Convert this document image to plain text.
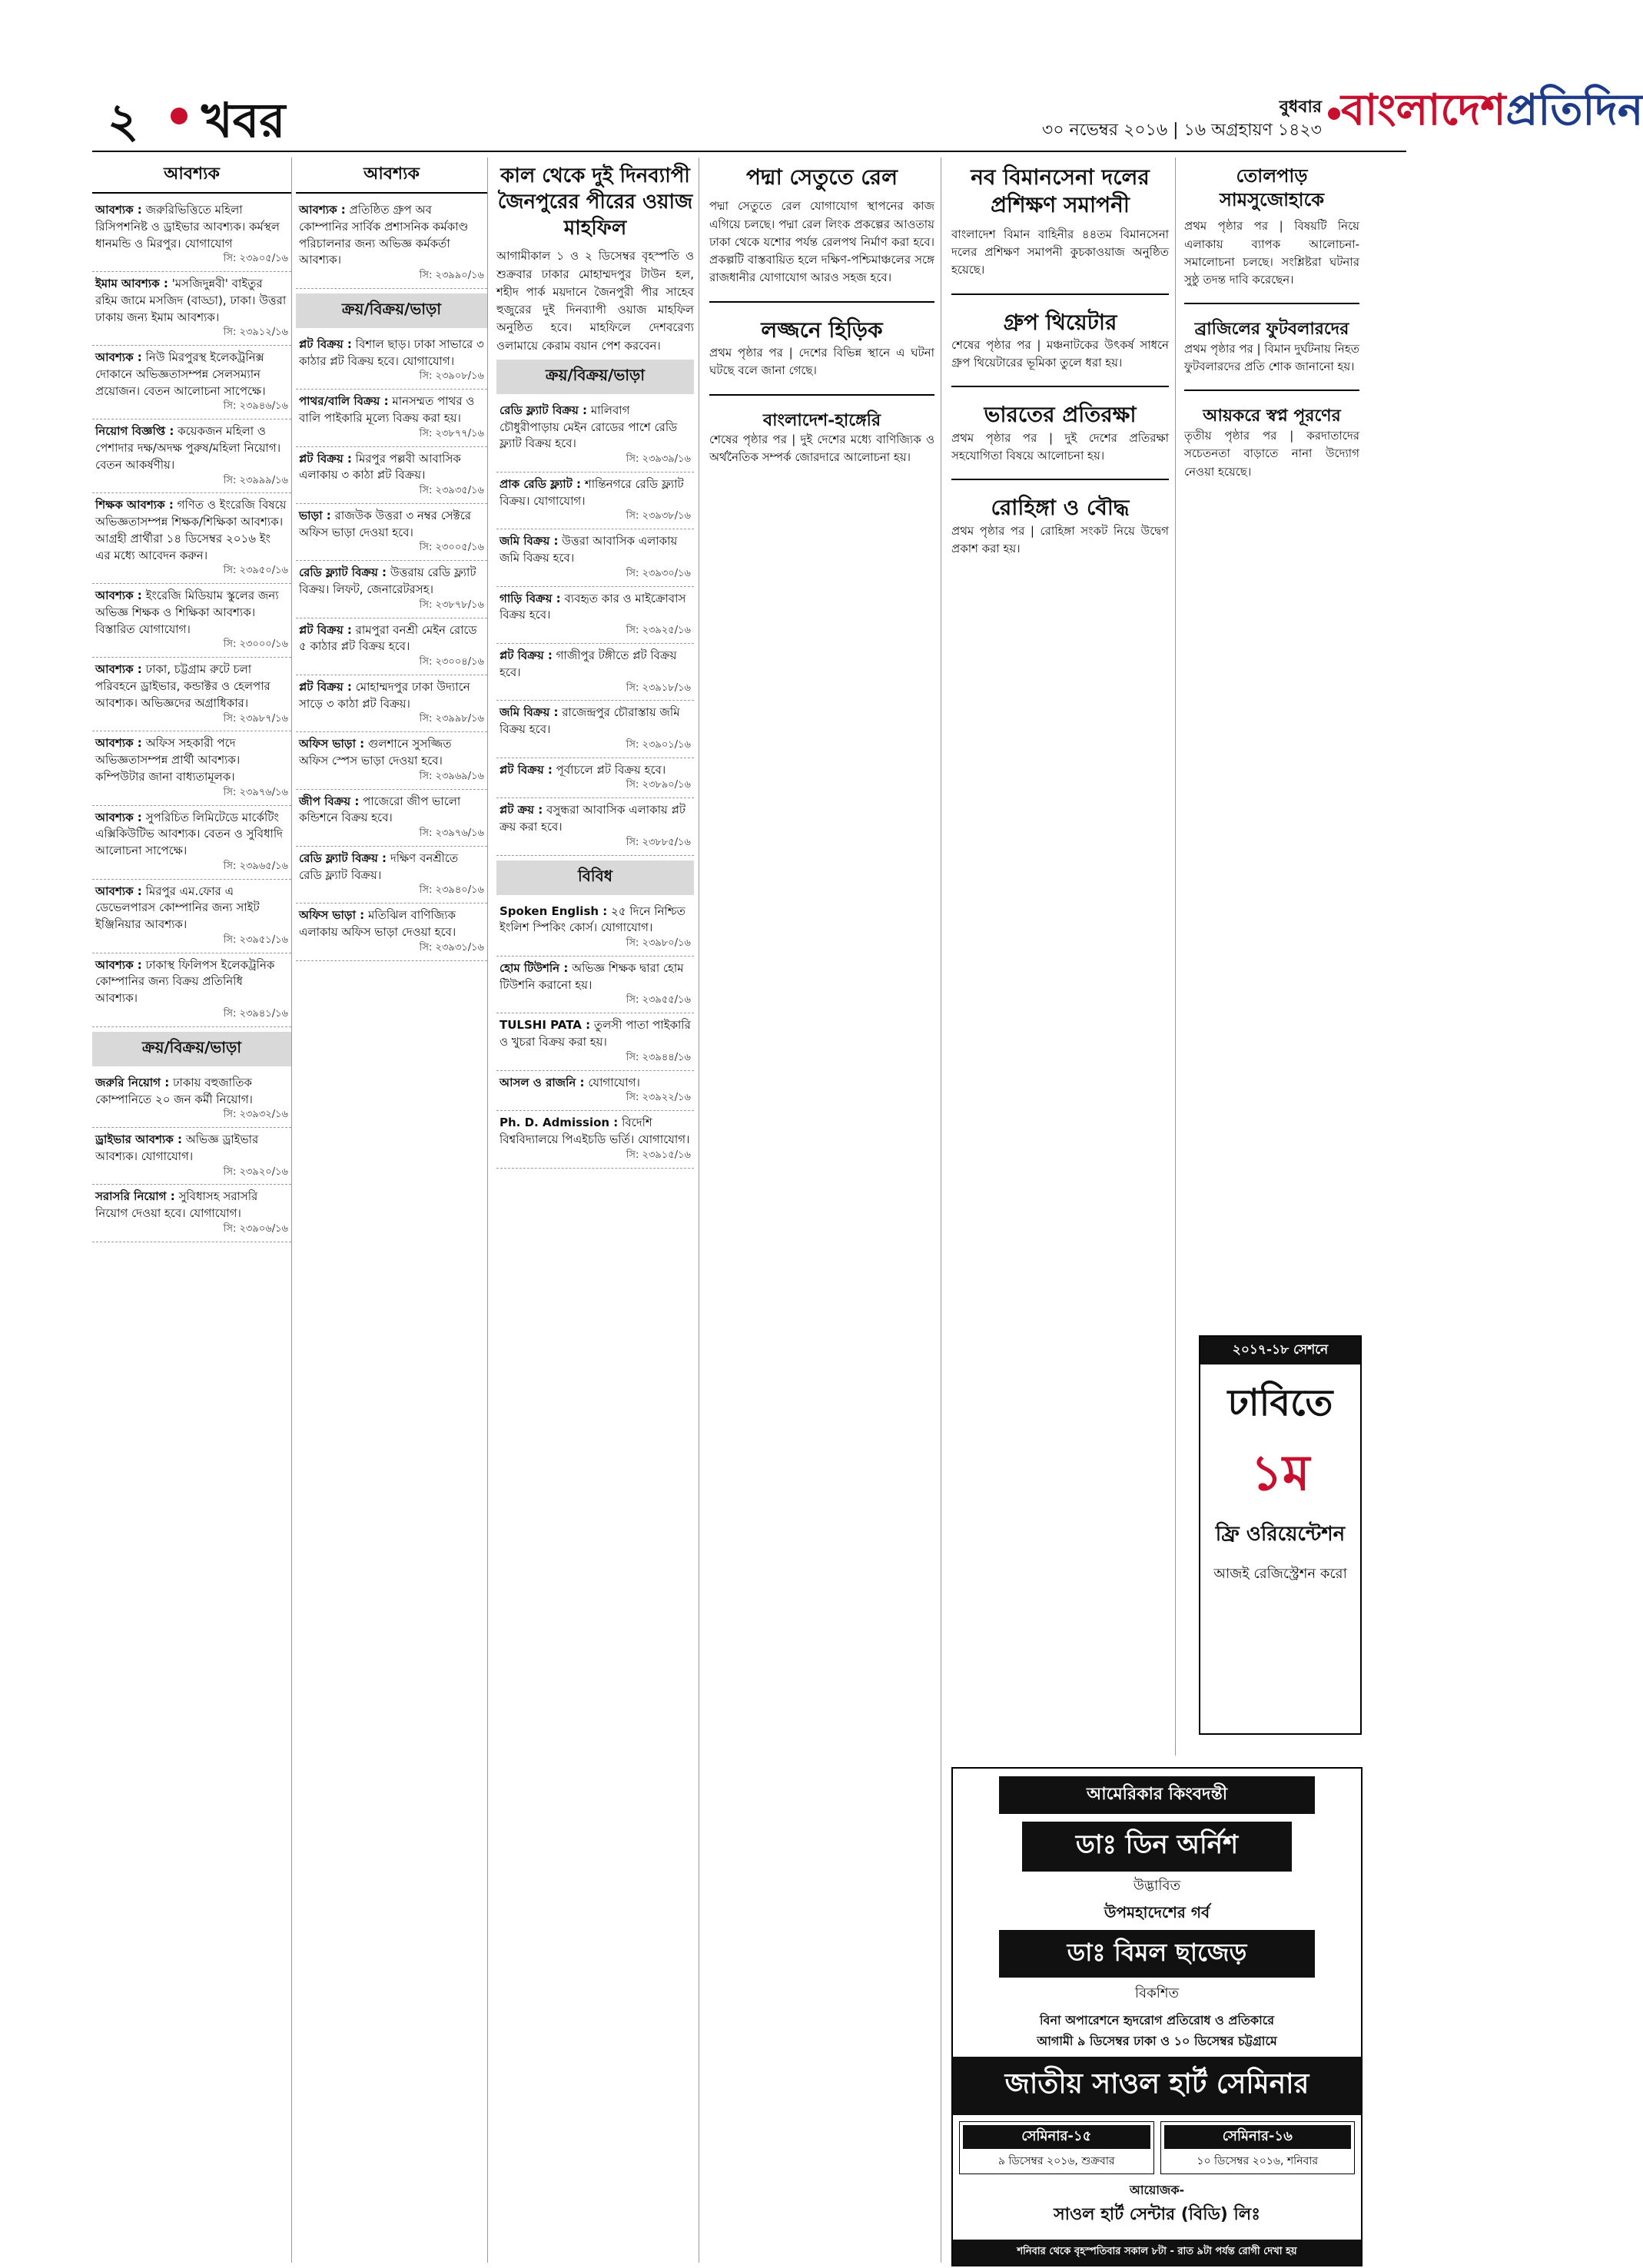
২ খবর	বুধবার
৩০ নভেম্বর ২০১৬ | ১৬ অগ্রহায়ণ ১৪২৩ বাংলাদেশপ্রতিদিন
আবশ্যক
আবশ্যক : জরুরিভিত্তিতে মহিলা রিসিপশনিষ্ট ও ড্রাইভার আবশ্যক। কর্মস্থল ধানমন্ডি ও মিরপুর। যোগাযোগ
সি: ২৩৯০৫/১৬
ইমাম আবশ্যক : 'মসজিদুন্নবী' বাইতুর রহিম জামে মসজিদ (বাড্ডা), ঢাকা। উত্তরা ঢাকায় জন্য ইমাম আবশ্যক।
সি: ২৩৯১২/১৬
আবশ্যক : নিউ মিরপুরস্থ ইলেকট্রনিক্স দোকানে অভিজ্ঞতাসম্পন্ন সেলসম্যান প্রয়োজন। বেতন আলোচনা সাপেক্ষে।
সি: ২৩৯৪৬/১৬
নিয়োগ বিজ্ঞপ্তি : কয়েকজন মহিলা ও পেশাদার দক্ষ/অদক্ষ পুরুষ/মহিলা নিয়োগ। বেতন আকর্ষণীয়।
সি: ২৩৯৯৯/১৬
শিক্ষক আবশ্যক : গণিত ও ইংরেজি বিষয়ে অভিজ্ঞতাসম্পন্ন শিক্ষক/শিক্ষিকা আবশ্যক। আগ্রহী প্রার্থীরা ১৪ ডিসেম্বর ২০১৬ ইং এর মধ্যে আবেদন করুন।
সি: ২৩৯৫০/১৬
আবশ্যক : ইংরেজি মিডিয়াম স্কুলের জন্য অভিজ্ঞ শিক্ষক ও শিক্ষিকা আবশ্যক। বিস্তারিত যোগাযোগ।
সি: ২৩০০০/১৬
আবশ্যক : ঢাকা, চট্টগ্রাম রুটে চলা পরিবহনে ড্রাইভার, কন্ডাক্টর ও হেলপার আবশ্যক। অভিজ্ঞদের অগ্রাধিকার।
সি: ২৩৯৮৭/১৬
আবশ্যক : অফিস সহকারী পদে অভিজ্ঞতাসম্পন্ন প্রার্থী আবশ্যক। কম্পিউটার জানা বাধ্যতামূলক।
সি: ২৩৯৭৬/১৬
আবশ্যক : সুপরিচিত লিমিটেডে মার্কেটিং এক্সিকিউটিভ আবশ্যক। বেতন ও সুবিধাদি আলোচনা সাপেক্ষে।
সি: ২৩৯৬৫/১৬
আবশ্যক : মিরপুর এম.ফোর এ ডেভেলপারস কোম্পানির জন্য সাইট ইঞ্জিনিয়ার আবশ্যক।
সি: ২৩৯৫১/১৬
আবশ্যক : ঢাকাস্থ ফিলিপস ইলেকট্রনিক কোম্পানির জন্য বিক্রয় প্রতিনিধি আবশ্যক।
সি: ২৩৯৪১/১৬
ক্রয়/বিক্রয়/ভাড়া
জরুরি নিয়োগ : ঢাকায় বহুজাতিক কোম্পানিতে ২০ জন কর্মী নিয়োগ।
সি: ২৩৯৩২/১৬
ড্রাইভার আবশ্যক : অভিজ্ঞ ড্রাইভার আবশ্যক। যোগাযোগ।
সি: ২৩৯২০/১৬
সরাসরি নিয়োগ : সুবিধাসহ সরাসরি নিয়োগ দেওয়া হবে। যোগাযোগ।
সি: ২৩৯০৬/১৬
আবশ্যক
আবশ্যক : প্রতিষ্ঠিত গ্রুপ অব কোম্পানির সার্বিক প্রশাসনিক কর্মকাণ্ড পরিচালনার জন্য অভিজ্ঞ কর্মকর্তা আবশ্যক।
সি: ২৩৯৯০/১৬
ক্রয়/বিক্রয়/ভাড়া
প্লট বিক্রয় : বিশাল ছাড়। ঢাকা সাভারে ৩ কাঠার প্লট বিক্রয় হবে। যোগাযোগ।
সি: ২৩৯০৮/১৬
পাথর/বালি বিক্রয় : মানসম্মত পাথর ও বালি পাইকারি মূল্যে বিক্রয় করা হয়।
সি: ২৩৮৭৭/১৬
প্লট বিক্রয় : মিরপুর পল্লবী আবাসিক এলাকায় ৩ কাঠা প্লট বিক্রয়।
সি: ২৩৯৩৫/১৬
ভাড়া : রাজউক উত্তরা ৩ নম্বর সেক্টরে অফিস ভাড়া দেওয়া হবে।
সি: ২৩০০৫/১৬
রেডি ফ্ল্যাট বিক্রয় : উত্তরায় রেডি ফ্ল্যাট বিক্রয়। লিফট, জেনারেটরসহ।
সি: ২৩৮৭৮/১৬
প্লট বিক্রয় : রামপুরা বনশ্রী মেইন রোডে ৫ কাঠার প্লট বিক্রয় হবে।
সি: ২৩০০৪/১৬
প্লট বিক্রয় : মোহাম্মদপুর ঢাকা উদ্যানে সাড়ে ৩ কাঠা প্লট বিক্রয়।
সি: ২৩৯৯৮/১৬
অফিস ভাড়া : গুলশানে সুসজ্জিত অফিস স্পেস ভাড়া দেওয়া হবে।
সি: ২৩৯৬৯/১৬
জীপ বিক্রয় : পাজেরো জীপ ভালো কন্ডিশনে বিক্রয় হবে।
সি: ২৩৯৭৬/১৬
রেডি ফ্ল্যাট বিক্রয় : দক্ষিণ বনশ্রীতে রেডি ফ্ল্যাট বিক্রয়।
সি: ২৩৯৪০/১৬
অফিস ভাড়া : মতিঝিল বাণিজ্যিক এলাকায় অফিস ভাড়া দেওয়া হবে।
সি: ২৩৯৩১/১৬
কাল থেকে দুই দিনব্যাপী জৈনপুরের পীরের ওয়াজ মাহফিল
আগামীকাল ১ ও ২ ডিসেম্বর বৃহস্পতি ও শুক্রবার ঢাকার মোহাম্মদপুর টাউন হল, শহীদ পার্ক ময়দানে জৈনপুরী পীর সাহেব হুজুরের দুই দিনব্যাপী ওয়াজ মাহফিল অনুষ্ঠিত হবে। মাহফিলে দেশবরেণ্য ওলামায়ে কেরাম বয়ান পেশ করবেন।
ক্রয়/বিক্রয়/ভাড়া
রেডি ফ্ল্যাট বিক্রয় : মালিবাগ চৌধুরীপাড়ায় মেইন রোডের পাশে রেডি ফ্ল্যাট বিক্রয় হবে।
সি: ২৩৯৩৯/১৬
প্রাক রেডি ফ্ল্যাট : শান্তিনগরে রেডি ফ্ল্যাট বিক্রয়। যোগাযোগ।
সি: ২৩৯৩৮/১৬
জমি বিক্রয় : উত্তরা আবাসিক এলাকায় জমি বিক্রয় হবে।
সি: ২৩৯৩০/১৬
গাড়ি বিক্রয় : ব্যবহৃত কার ও মাইক্রোবাস বিক্রয় হবে।
সি: ২৩৯২৫/১৬
প্লট বিক্রয় : গাজীপুর টঙ্গীতে প্লট বিক্রয় হবে।
সি: ২৩৯১৮/১৬
জমি বিক্রয় : রাজেন্দ্রপুর চৌরাস্তায় জমি বিক্রয় হবে।
সি: ২৩৯০১/১৬
প্লট বিক্রয় : পূর্বাচলে প্লট বিক্রয় হবে।
সি: ২৩৮৯০/১৬
প্লট ক্রয় : বসুন্ধরা আবাসিক এলাকায় প্লট ক্রয় করা হবে।
সি: ২৩৮৮৫/১৬
বিবিধ
Spoken English : ২৫ দিনে নিশ্চিত ইংলিশ স্পিকিং কোর্স। যোগাযোগ।
সি: ২৩৯৮০/১৬
হোম টিউশনি : অভিজ্ঞ শিক্ষক দ্বারা হোম টিউশনি করানো হয়।
সি: ২৩৯৫৫/১৬
TULSHI PATA : তুলসী পাতা পাইকারি ও খুচরা বিক্রয় করা হয়।
সি: ২৩৯৪৪/১৬
আসল ও রাজনি : যোগাযোগ।
সি: ২৩৯২২/১৬
Ph. D. Admission : বিদেশি বিশ্ববিদ্যালয়ে পিএইচডি ভর্তি। যোগাযোগ।
সি: ২৩৯১৫/১৬
পদ্মা সেতুতে রেল
পদ্মা সেতুতে রেল যোগাযোগ স্থাপনের কাজ এগিয়ে চলছে। পদ্মা রেল লিংক প্রকল্পের আওতায় ঢাকা থেকে যশোর পর্যন্ত রেলপথ নির্মাণ করা হবে। প্রকল্পটি বাস্তবায়িত হলে দক্ষিণ-পশ্চিমাঞ্চলের সঙ্গে রাজধানীর যোগাযোগ আরও সহজ হবে।
লজ্জনে হিড়িক
প্রথম পৃষ্ঠার পর | দেশের বিভিন্ন স্থানে এ ঘটনা ঘটছে বলে জানা গেছে।
বাংলাদেশ-হাঙ্গেরি
শেষের পৃষ্ঠার পর | দুই দেশের মধ্যে বাণিজ্যিক ও অর্থনৈতিক সম্পর্ক জোরদারে আলোচনা হয়।
নব বিমানসেনা দলের প্রশিক্ষণ সমাপনী
বাংলাদেশ বিমান বাহিনীর ৪৪তম বিমানসেনা দলের প্রশিক্ষণ সমাপনী কুচকাওয়াজ অনুষ্ঠিত হয়েছে।
গ্রুপ থিয়েটার
শেষের পৃষ্ঠার পর | মঞ্চনাটকের উৎকর্ষ সাধনে গ্রুপ থিয়েটারের ভূমিকা তুলে ধরা হয়।
ভারতের প্রতিরক্ষা
প্রথম পৃষ্ঠার পর | দুই দেশের প্রতিরক্ষা সহযোগিতা বিষয়ে আলোচনা হয়।
রোহিঙ্গা ও বৌদ্ধ
প্রথম পৃষ্ঠার পর | রোহিঙ্গা সংকট নিয়ে উদ্বেগ প্রকাশ করা হয়।
তোলপাড় সামসুজোহাকে
প্রথম পৃষ্ঠার পর | বিষয়টি নিয়ে এলাকায় ব্যাপক আলোচনা-সমালোচনা চলছে। সংশ্লিষ্টরা ঘটনার সুষ্ঠু তদন্ত দাবি করেছেন।
ব্রাজিলের ফুটবলারদের
প্রথম পৃষ্ঠার পর | বিমান দুর্ঘটনায় নিহত ফুটবলারদের প্রতি শোক জানানো হয়।
আয়করে স্বপ্ন পূরণের
তৃতীয় পৃষ্ঠার পর | করদাতাদের সচেতনতা বাড়াতে নানা উদ্যোগ নেওয়া হয়েছে।
২০১৭-১৮ সেশনে
ঢাবিতে
১ম
ফ্রি ওরিয়েন্টেশন
আজই রেজিস্ট্রেশন করো
আমেরিকার কিংবদন্তী
ডাঃ ডিন অর্নিশ
উদ্ভাবিত
উপমহাদেশের গর্ব
ডাঃ বিমল ছাজেড়
বিকশিত
বিনা অপারেশনে হৃদরোগ প্রতিরোধ ও প্রতিকারে
আগামী ৯ ডিসেম্বর ঢাকা ও ১০ ডিসেম্বর চট্টগ্রামে
জাতীয় সাওল হার্ট সেমিনার
সেমিনার-১৫
৯ ডিসেম্বর ২০১৬, শুক্রবার
সেমিনার-১৬
১০ ডিসেম্বর ২০১৬, শনিবার
আয়োজক-
সাওল হার্ট সেন্টার (বিডি) লিঃ
শনিবার থেকে বৃহস্পতিবার সকাল ৮টা - রাত ৯টা পর্যন্ত রোগী দেখা হয়
